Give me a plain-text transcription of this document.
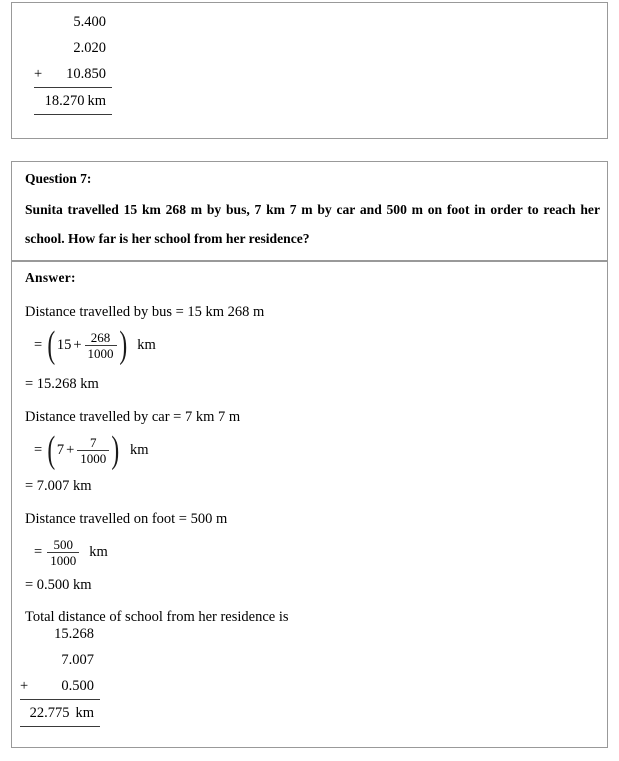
5.400
2.020
+	10.850
18.270 km
Question 7:
Sunita travelled 15 km 268 m by bus, 7 km 7 m by car and 500 m on foot in order to reach her school. How far is her school from her residence?
Answer:
Distance travelled by bus = 15 km 268 m
= ( $15 + \frac{268}{1000}$ ) km
= 15.268 km
Distance travelled by car = 7 km 7 m
= ( $7 + \frac{7}{1000}$ ) km
= 7.007 km
Distance travelled on foot = 500 m
= $\frac{500}{1000}$ km
= 0.500 km
Total distance of school from her residence is
15.268
7.007
+	0.500
22.775 km
